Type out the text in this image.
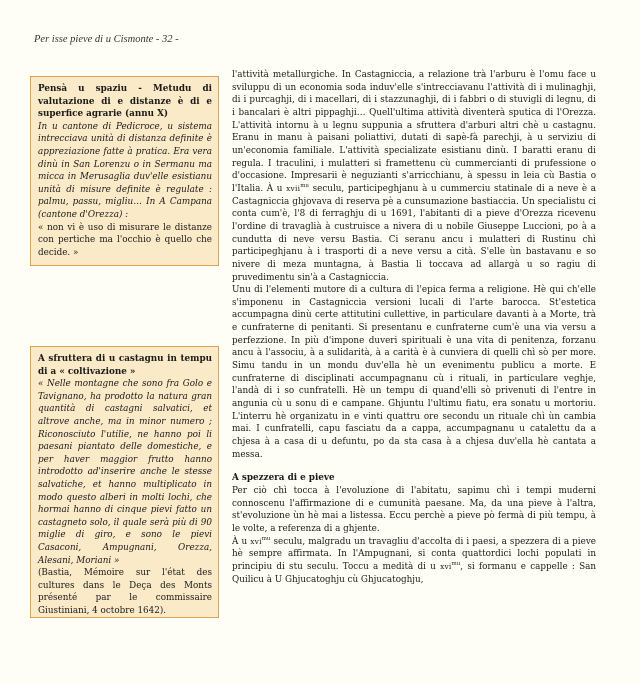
Per isse pieve di u Cismonte - 32 -
Pensà u spaziu - Metudu di valutazione di e distanze è di e superfice agrarie (annu X)
In u cantone di Pedicroce, u sistema intrecciava unità di distanza definite è appreziazione fatte à pratica. Era vera dinù in San Lorenzu o in Sermanu ma micca in Merusaglia duv'elle esistianu unità di misure definite è regulate : palmu, passu, migliu… In A Campana (cantone d'Orezza) :
« non vi è uso di misurare le distanze con pertiche ma l'occhio è quello che decide. »
A sfruttera di u castagnu in tempu di a « coltivazione »
« Nelle montagne che sono fra Golo e Tavignano, ha prodotto la natura gran quantità di castagni salvatici, et altrove anche, ma in minor numero ; Riconosciuto l'utilie, ne hanno poi li paesani piantato delle domestiche, e per haver maggior frutto hanno introdotto ad'inserire anche le stesse salvatiche, et hanno multiplicato in modo questo alberi in molti lochi, che hormai hanno di cinque pievi fatto un castagneto solo, il quale serà più di 90 miglie di giro, e sono le pievi Casaconi, Ampugnani, Orezza, Alesani, Moriani »
(Bastia, Mémoire sur l'état des cultures dans le Deça des Monts présenté par le commissaire Giustiniani, 4 octobre 1642).

l'attività metallurgiche. In Castagniccia, a relazione trà l'arburu è l'omu face u sviluppu di un economia soda induv'elle s'intrecciavanu l'attività di i mulinaghji, di i purcaghji, di i macellari, di i stazzunaghji, di i fabbri o di stuvigli di legnu, di i bancalari è altri pippaghji… Quell'ultima attività diventerà sputica di l'Orezza. L'attività intornu à u legnu suppunia a sfruttera d'arburi altri chè u castagnu. Eranu in manu à paisani poliattivi, dutati di sapè-fà parechji, à u serviziu di un'economia familiale. L'attività specializate esistianu dinù. I baratti eranu di regula. I traculini, i mulatteri si framettenu cù cummercianti di prufessione o d'occasione. Impresarii è neguzianti s'arricchianu, à spessu in leia cù Bastia o l'Italia. À u xvii$^{mu}$ seculu, participeghjanu à u cummerciu statinale di a neve è a Castagniccia ghjovava di reserva pè a cunsumazione bastiaccia. Un specialistu ci conta cum'è, l'8 di ferraghju di u 1691, l'abitanti di a pieve d'Orezza ricevenu l'ordine di travaglià à custruisce a nivera di u nobile Giuseppe Luccioni, po à a cundutta di neve versu Bastia. Ci seranu ancu i mulatteri di Rustinu chì participeghjanu à i trasporti di a neve versu a cità. S'elle ùn bastavanu e so nivere di meza muntagna, à Bastia li toccava ad allargà u so ragiu di pruvedimentu sin'à a Castagniccia.

Unu di l'elementi mutore di a cultura di l'epica ferma a religione. Hè qui ch'elle s'imponenu in Castagniccia versioni lucali di l'arte barocca. St'estetica accumpagna dinù certe attitutini cullettive, in particulare davanti à a Morte, trà e cunfraterne di penitanti. Si presentanu e cunfraterne cum'è una via versu a perfezzione. In più d'impone duveri spirituali è una vita di penitenza, forzanu ancu à l'associu, à a sulidarità, à a carità è à cunviera di quelli chì sò per more. Simu tandu in un mondu duv'ella hè un evenimentu publicu a morte. E cunfraterne di disciplinati accumpagnanu cù i rituali, in particulare veghje, l'andà di i so cunfratelli. Hè un tempu di quand'elli sò privenuti di l'entre in angunia cù u sonu di e campane. Ghjuntu l'ultimu fiatu, era sonatu u mortoriu. L'interru hè organizatu in e vinti quattru ore secondu un rituale chì ùn cambia mai. I cunfratelli, capu fasciatu da a cappa, accumpagnanu u catalettu da a chjesa à a casa di u defuntu, po da sta casa à a chjesa duv'ella hè cantata a messa.

A spezzera di e pieve

Per ciò chì tocca à l'evoluzione di l'abitatu, sapimu chì i tempi muderni connoscenu l'affirmazione di e cumunità paesane. Ma, da una pieve à l'altra, st'evoluzione ùn hè mai a listessa. Eccu perchè a pieve pò fermà di più tempu, à le volte, a referenza di a ghjente.

À u xvi$^{mu}$ seculu, malgradu un travagliu d'accolta di i paesi, a spezzera di a pieve hè sempre affirmata. In l'Ampugnani, si conta quattordici lochi populati in principiu di stu seculu. Toccu a medità di u xvi$^{mu}$, si formanu e cappelle : San Quilicu à U Ghjucatoghju cù Ghjucatoghju,
